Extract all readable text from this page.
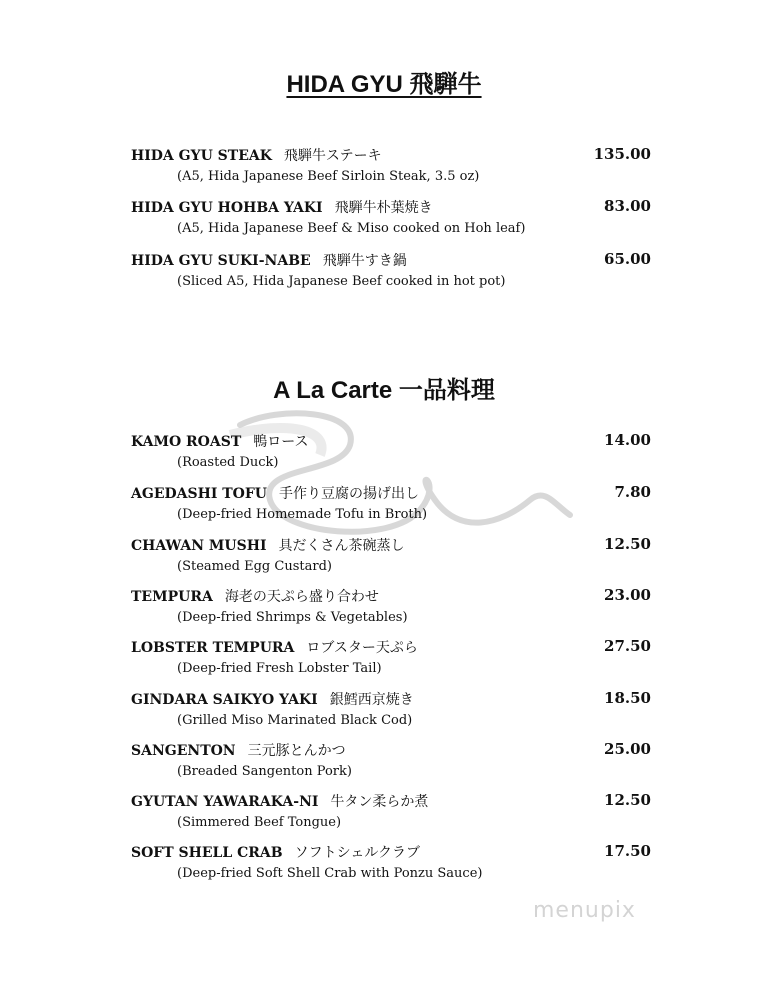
HIDA GYU 飛騨牛
HIDA GYU STEAK 飛騨牛ステーキ	135.00
(A5, Hida Japanese Beef Sirloin Steak, 3.5 oz)
HIDA GYU HOHBA YAKI 飛騨牛朴葉焼き	83.00
(A5, Hida Japanese Beef & Miso cooked on Hoh leaf)
HIDA GYU SUKI-NABE 飛騨牛すき鍋	65.00
(Sliced A5, Hida Japanese Beef cooked in hot pot)
A La Carte 一品料理
KAMO ROAST 鴨ロース	14.00
(Roasted Duck)
AGEDASHI TOFU 手作り豆腐の揚げ出し	7.80
(Deep-fried Homemade Tofu in Broth)
CHAWAN MUSHI 具だくさん茶碗蒸し	12.50
(Steamed Egg Custard)
TEMPURA 海老の天ぷら盛り合わせ	23.00
(Deep-fried Shrimps & Vegetables)
LOBSTER TEMPURA ロブスター天ぷら	27.50
(Deep-fried Fresh Lobster Tail)
GINDARA SAIKYO YAKI 銀鱈西京焼き	18.50
(Grilled Miso Marinated Black Cod)
SANGENTON 三元豚とんかつ	25.00
(Breaded Sangenton Pork)
GYUTAN YAWARAKA-NI 牛タン柔らか煮	12.50
(Simmered Beef Tongue)
SOFT SHELL CRAB ソフトシェルクラブ	17.50
(Deep-fried Soft Shell Crab with Ponzu Sauce)
menupix
